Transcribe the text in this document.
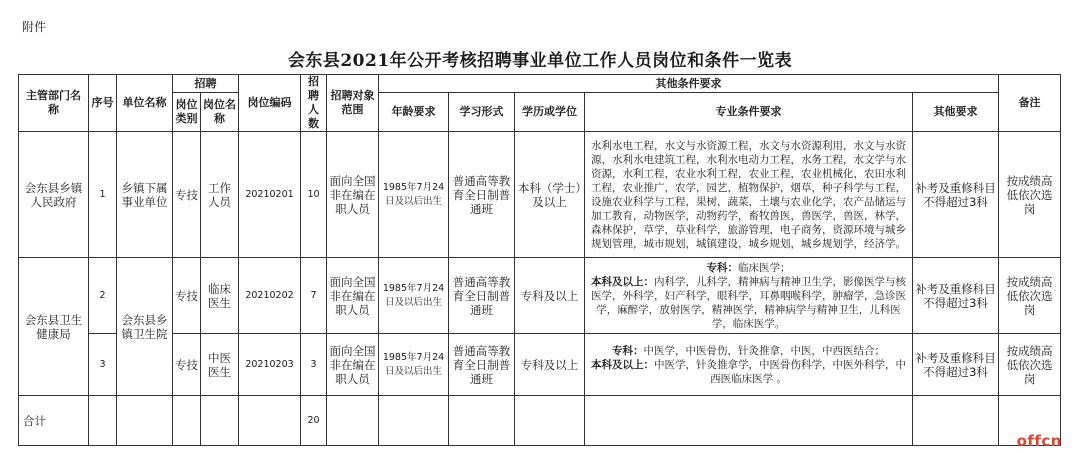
附件
会东县2021年公开考核招聘事业单位工作人员岗位和条件一览表
主管部门名称	序号	单位名称	招聘		岗位编码	招聘人数	招聘对象范围	其他条件要求					备注
			岗位类别	岗位名称				年龄要求	学习形式	学历或学位	专业条件要求	其他要求	
会东县乡镇人民政府	1	乡镇下属事业单位	专技	工作人员	20210201	10	面向全国非在编在职人员	1985年7月24日及以后出生	普通高等教育全日制普通班	本科（学士）及以上	水利水电工程，水文与水资源工程，水文与水资源利用，水文与水资源，水利水电建筑工程，水利水电动力工程，水务工程，水文学与水资源，水利工程，农业水利工程，农业工程，农业机械化，农田水利工程，农业推广，农学，园艺，植物保护，烟草，种子科学与工程，设施农业科学与工程，果树，蔬菜，土壤与农业化学，农产品储运与加工教育，动物医学，动物药学，畜牧兽医，兽医学，兽医，林学，森林保护，草学，草业科学，旅游管理，电子商务，资源环境与城乡规划管理，城市规划，城镇建设，城乡规划，城乡规划学，经济学。	补考及重修科目不得超过3科	按成绩高低依次选岗
会东县卫生健康局	2	会东县乡镇卫生院	专技	临床医生	20210202	7	面向全国非在编在职人员	1985年7月24日及以后出生	普通高等教育全日制普通班	专科及以上	专科：临床医学；
本科及以上：内科学，儿科学，精神病与精神卫生学，影像医学与核医学，外科学，妇产科学，眼科学，耳鼻咽喉科学，肿瘤学，急诊医学，麻醉学，放射医学，精神医学，精神病学与精神卫生，儿科医学，临床医学。	补考及重修科目不得超过3科	按成绩高低依次选岗
	3		专技	中医医生	20210203	3	面向全国非在编在职人员	1985年7月24日及以后出生	普通高等教育全日制普通班	专科及以上	专科：中医学，中医骨伤，针灸推拿，中医，中西医结合；
本科及以上：中医学，针灸推拿学，中医骨伤科学，中医外科学，中西医临床医学 。	补考及重修科目不得超过3科	按成绩高低依次选岗
合计						20							
offcn
